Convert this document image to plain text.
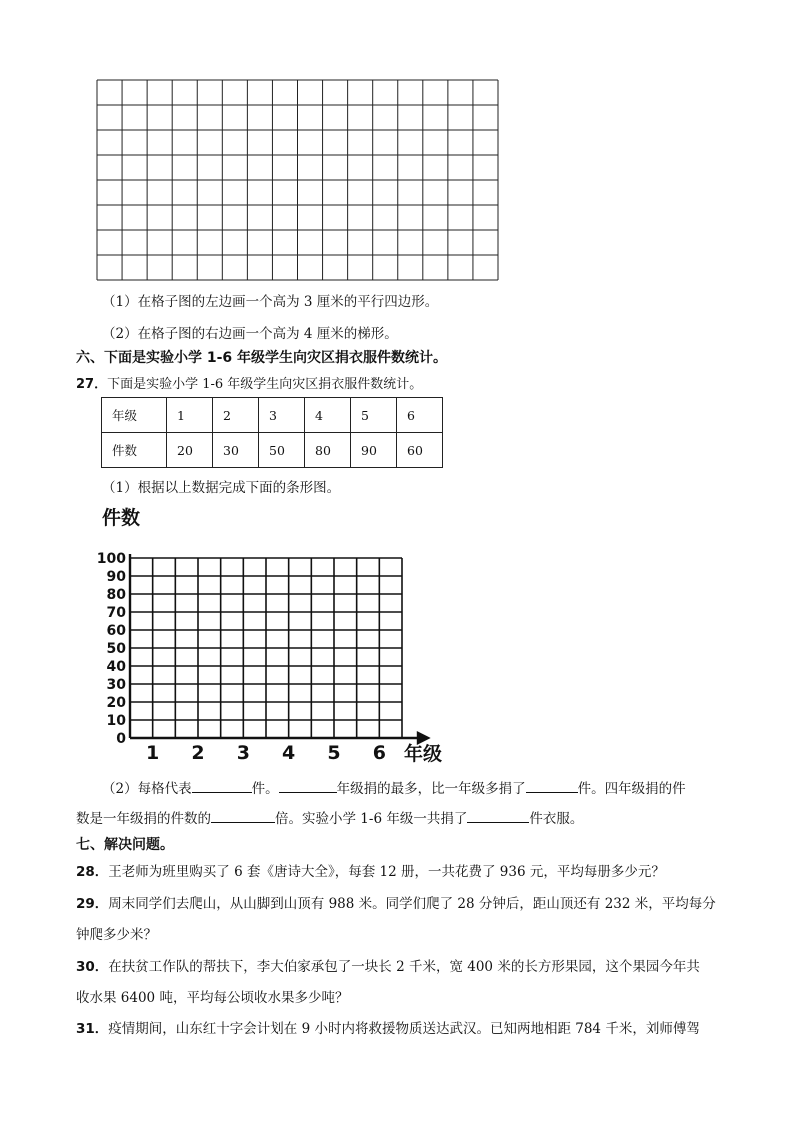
（1）在格子图的左边画一个高为 3 厘米的平行四边形。
（2）在格子图的右边画一个高为 4 厘米的梯形。
六、下面是实验小学 1-6 年级学生向灾区捐衣服件数统计。
27．下面是实验小学 1-6 年级学生向灾区捐衣服件数统计。
年级	1	2	3	4	5	6
件数	20	30	50	80	90	60
（1）根据以上数据完成下面的条形图。
件数
年级
0
10
20
30
40
50
60
70
80
90
100
1 2 3 4 5 6
（2）每格代表	件。	年级捐的最多，比一年级多捐了	件。四年级捐的件
数是一年级捐的件数的	倍。实验小学 1-6 年级一共捐了	件衣服。
七、解决问题。
28．王老师为班里购买了 6 套《唐诗大全》，每套 12 册，一共花费了 936 元，平均每册多少元？
29．周末同学们去爬山，从山脚到山顶有 988 米。同学们爬了 28 分钟后，距山顶还有 232 米，平均每分
钟爬多少米？
30．在扶贫工作队的帮扶下，李大伯家承包了一块长 2 千米，宽 400 米的长方形果园，这个果园今年共
收水果 6400 吨，平均每公顷收水果多少吨？
31．疫情期间，山东红十字会计划在 9 小时内将救援物质送达武汉。已知两地相距 784 千米，刘师傅驾
